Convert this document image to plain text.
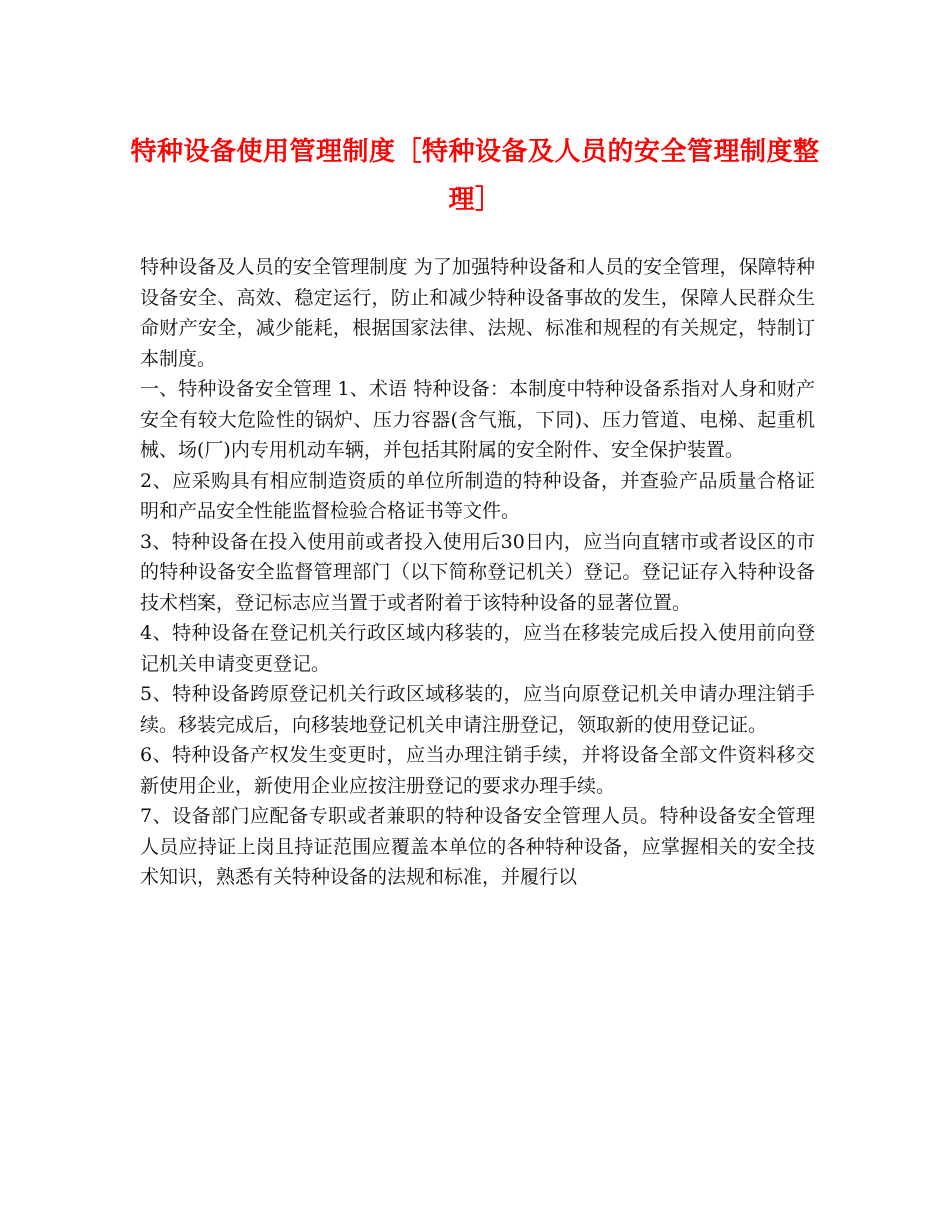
特种设备使用管理制度［特种设备及人员的安全管理制度整理］

特种设备及人员的安全管理制度 为了加强特种设备和人员的安全管理，保障特种设备安全、高效、稳定运行，防止和减少特种设备事故的发生，保障人民群众生命财产安全，减少能耗，根据国家法律、法规、标准和规程的有关规定，特制订本制度。

一、特种设备安全管理 1、术语 特种设备：本制度中特种设备系指对人身和财产安全有较大危险性的锅炉、压力容器(含气瓶，下同)、压力管道、电梯、起重机械、场(厂)内专用机动车辆，并包括其附属的安全附件、安全保护装置。

2、应采购具有相应制造资质的单位所制造的特种设备，并查验产品质量合格证明和产品安全性能监督检验合格证书等文件。

3、特种设备在投入使用前或者投入使用后30日内，应当向直辖市或者设区的市的特种设备安全监督管理部门（以下简称登记机关）登记。登记证存入特种设备技术档案，登记标志应当置于或者附着于该特种设备的显著位置。

4、特种设备在登记机关行政区域内移装的，应当在移装完成后投入使用前向登记机关申请变更登记。

5、特种设备跨原登记机关行政区域移装的，应当向原登记机关申请办理注销手续。移装完成后，向移装地登记机关申请注册登记，领取新的使用登记证。

6、特种设备产权发生变更时，应当办理注销手续，并将设备全部文件资料移交新使用企业，新使用企业应按注册登记的要求办理手续。

7、设备部门应配备专职或者兼职的特种设备安全管理人员。特种设备安全管理人员应持证上岗且持证范围应覆盖本单位的各种特种设备，应掌握相关的安全技术知识，熟悉有关特种设备的法规和标准，并履行以
